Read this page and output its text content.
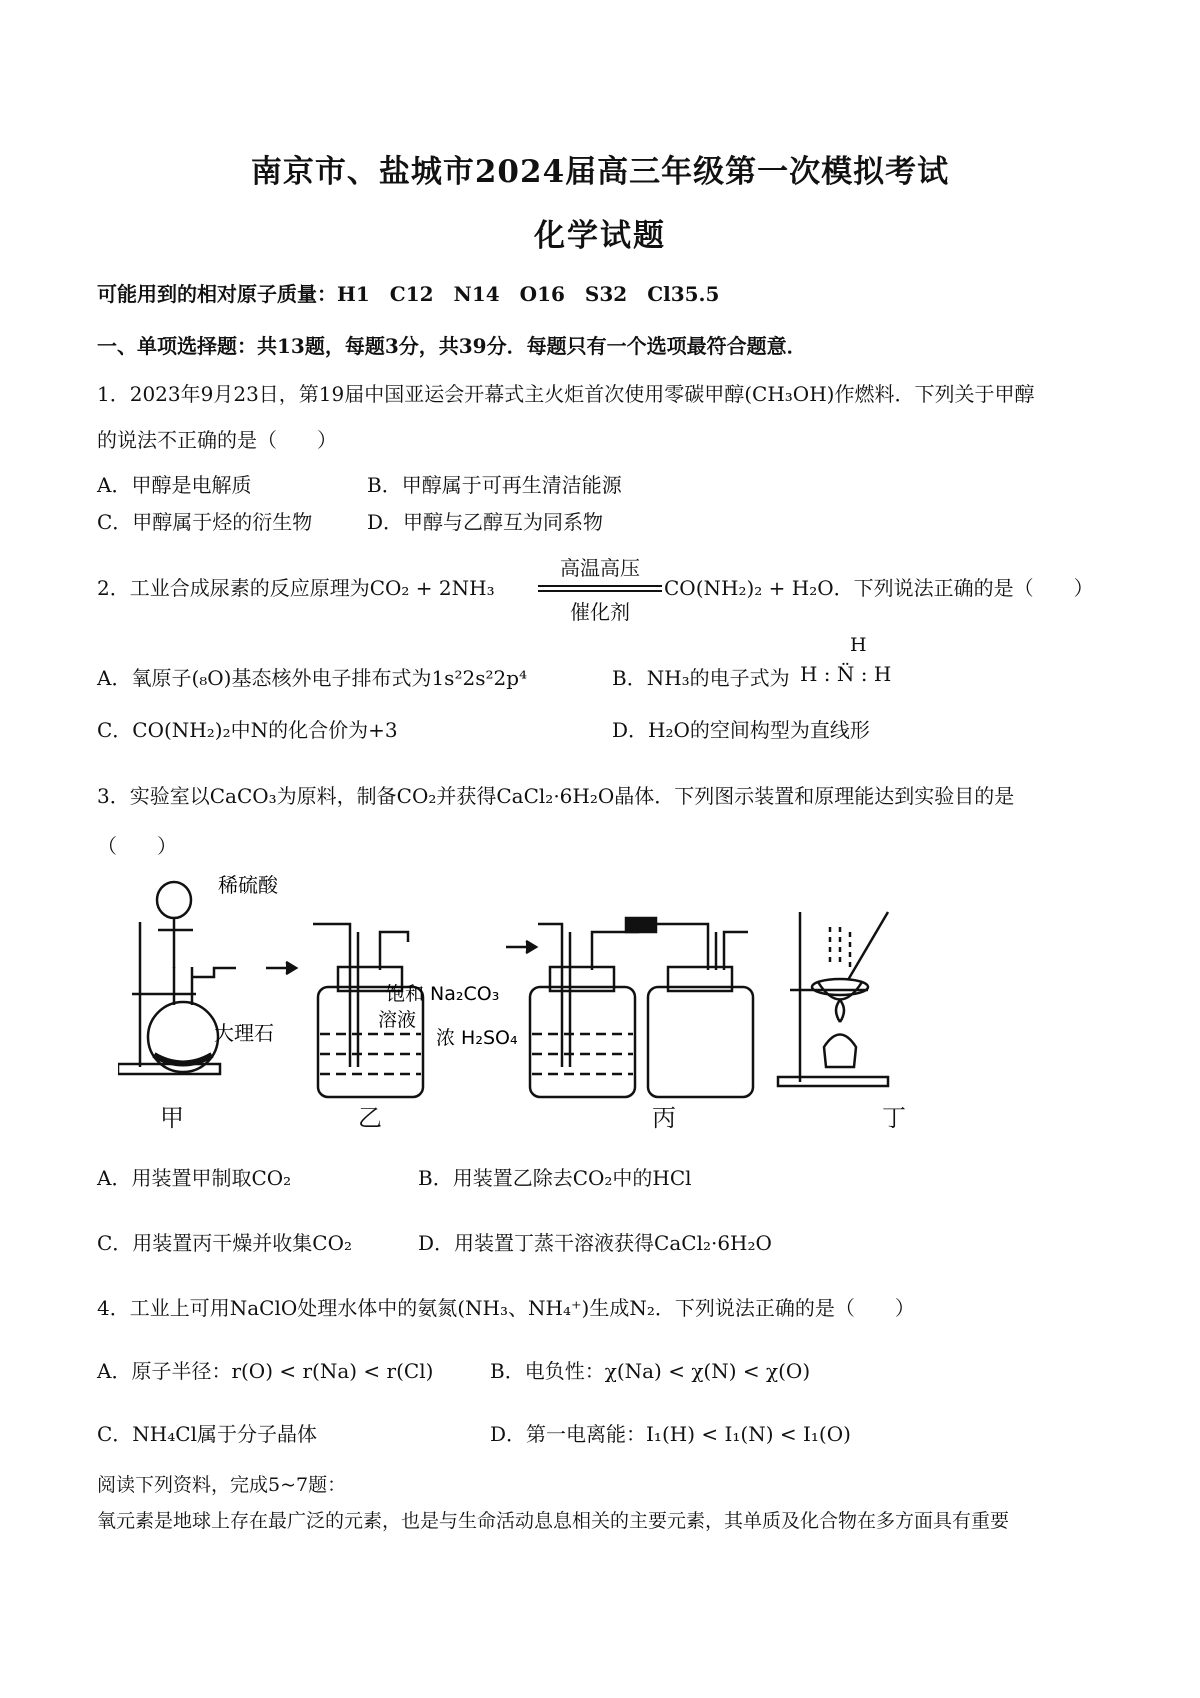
南京市、盐城市2024届高三年级第一次模拟考试
化学试题
可能用到的相对原子质量：H1　C12　N14　O16　S32　Cl35.5
一、单项选择题：共13题，每题3分，共39分．每题只有一个选项最符合题意．
1．2023年9月23日，第19届中国亚运会开幕式主火炬首次使用零碳甲醇(CH₃OH)作燃料．下列关于甲醇
的说法不正确的是（　　）
A．甲醇是电解质	B．甲醇属于可再生清洁能源
C．甲醇属于烃的衍生物	D．甲醇与乙醇互为同系物
2．工业合成尿素的反应原理为CO₂ + 2NH₃
高温高压
催化剂
CO(NH₂)₂ + H₂O．下列说法正确的是（　　）
A．氧原子(₈O)基态核外电子排布式为1s²2s²2p⁴	B．NH₃的电子式为
H
H : N̈ : H
C．CO(NH₂)₂中N的化合价为+3	D．H₂O的空间构型为直线形
3．实验室以CaCO₃为原料，制备CO₂并获得CaCl₂·6H₂O晶体．下列图示装置和原理能达到实验目的是
（　　）
稀硫酸
大理石
饱和 Na₂CO₃
溶液
浓 H₂SO₄
甲	乙	丙	丁
A．用装置甲制取CO₂	B．用装置乙除去CO₂中的HCl
C．用装置丙干燥并收集CO₂	D．用装置丁蒸干溶液获得CaCl₂·6H₂O
4．工业上可用NaClO处理水体中的氨氮(NH₃、NH₄⁺)生成N₂．下列说法正确的是（　　）
A．原子半径：r(O) < r(Na) < r(Cl)	B．电负性：χ(Na) < χ(N) < χ(O)
C．NH₄Cl属于分子晶体	D．第一电离能：I₁(H) < I₁(N) < I₁(O)
阅读下列资料，完成5~7题：
氧元素是地球上存在最广泛的元素，也是与生命活动息息相关的主要元素，其单质及化合物在多方面具有重要
